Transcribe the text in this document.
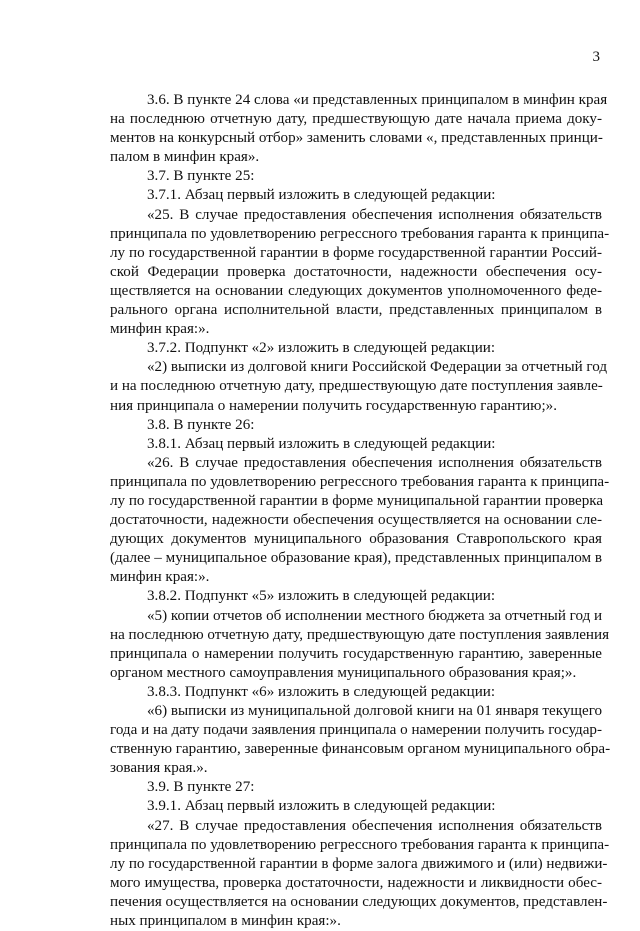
3
3.6. В пункте 24 слова «и представленных принципалом в минфин края
на последнюю отчетную дату, предшествующую дате начала приема доку-
ментов на конкурсный отбор» заменить словами «, представленных принци-
палом в минфин края».
3.7. В пункте 25:
3.7.1. Абзац первый изложить в следующей редакции:
«25. В случае предоставления обеспечения исполнения обязательств
принципала по удовлетворению регрессного требования гаранта к принципа-
лу по государственной гарантии в форме государственной гарантии Россий-
ской Федерации проверка достаточности, надежности обеспечения осу-
ществляется на основании следующих документов уполномоченного феде-
рального органа исполнительной власти, представленных принципалом в
минфин края:».
3.7.2. Подпункт «2» изложить в следующей редакции:
«2) выписки из долговой книги Российской Федерации за отчетный год
и на последнюю отчетную дату, предшествующую дате поступления заявле-
ния принципала о намерении получить государственную гарантию;».
3.8. В пункте 26:
3.8.1. Абзац первый изложить в следующей редакции:
«26. В случае предоставления обеспечения исполнения обязательств
принципала по удовлетворению регрессного требования гаранта к принципа-
лу по государственной гарантии в форме муниципальной гарантии проверка
достаточности, надежности обеспечения осуществляется на основании сле-
дующих документов муниципального образования Ставропольского края
(далее – муниципальное образование края), представленных принципалом в
минфин края:».
3.8.2. Подпункт «5» изложить в следующей редакции:
«5) копии отчетов об исполнении местного бюджета за отчетный год и
на последнюю отчетную дату, предшествующую дате поступления заявления
принципала о намерении получить государственную гарантию, заверенные
органом местного самоуправления муниципального образования края;».
3.8.3. Подпункт «6» изложить в следующей редакции:
«6) выписки из муниципальной долговой книги на 01 января текущего
года и на дату подачи заявления принципала о намерении получить государ-
ственную гарантию, заверенные финансовым органом муниципального обра-
зования края.».
3.9. В пункте 27:
3.9.1. Абзац первый изложить в следующей редакции:
«27. В случае предоставления обеспечения исполнения обязательств
принципала по удовлетворению регрессного требования гаранта к принципа-
лу по государственной гарантии в форме залога движимого и (или) недвижи-
мого имущества, проверка достаточности, надежности и ликвидности обес-
печения осуществляется на основании следующих документов, представлен-
ных принципалом в минфин края:».
